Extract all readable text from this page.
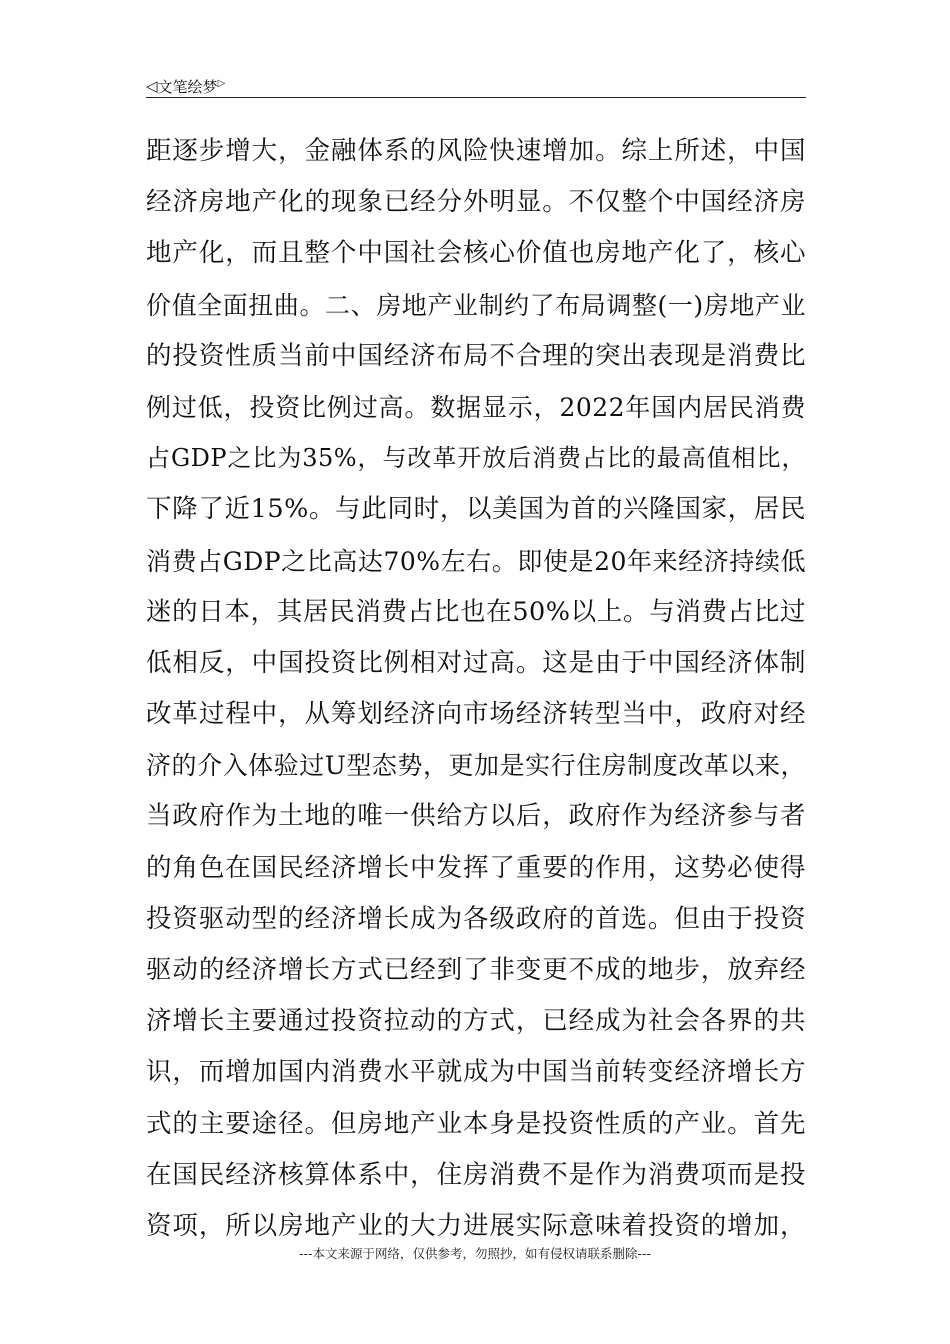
◁ 文笔绘梦 ▷
距逐步增大，金融体系的风险快速增加。综上所述，中国
经济房地产化的现象已经分外明显。不仅整个中国经济房
地产化，而且整个中国社会核心价值也房地产化了，核心
价值全面扭曲。二、房地产业制约了布局调整(一)房地产业
的投资性质当前中国经济布局不合理的突出表现是消费比
例过低，投资比例过高。数据显示，2022年国内居民消费
占GDP之比为35%，与改革开放后消费占比的最高值相比，
下降了近15%。与此同时，以美国为首的兴隆国家，居民
消费占GDP之比高达70%左右。即使是20年来经济持续低
迷的日本，其居民消费占比也在50%以上。与消费占比过
低相反，中国投资比例相对过高。这是由于中国经济体制
改革过程中，从筹划经济向市场经济转型当中，政府对经
济的介入体验过U型态势，更加是实行住房制度改革以来，
当政府作为土地的唯一供给方以后，政府作为经济参与者
的角色在国民经济增长中发挥了重要的作用，这势必使得
投资驱动型的经济增长成为各级政府的首选。但由于投资
驱动的经济增长方式已经到了非变更不成的地步，放弃经
济增长主要通过投资拉动的方式，已经成为社会各界的共
识，而增加国内消费水平就成为中国当前转变经济增长方
式的主要途径。但房地产业本身是投资性质的产业。首先
在国民经济核算体系中，住房消费不是作为消费项而是投
资项，所以房地产业的大力进展实际意味着投资的增加，
---本文来源于网络，仅供参考，勿照抄，如有侵权请联系删除---
